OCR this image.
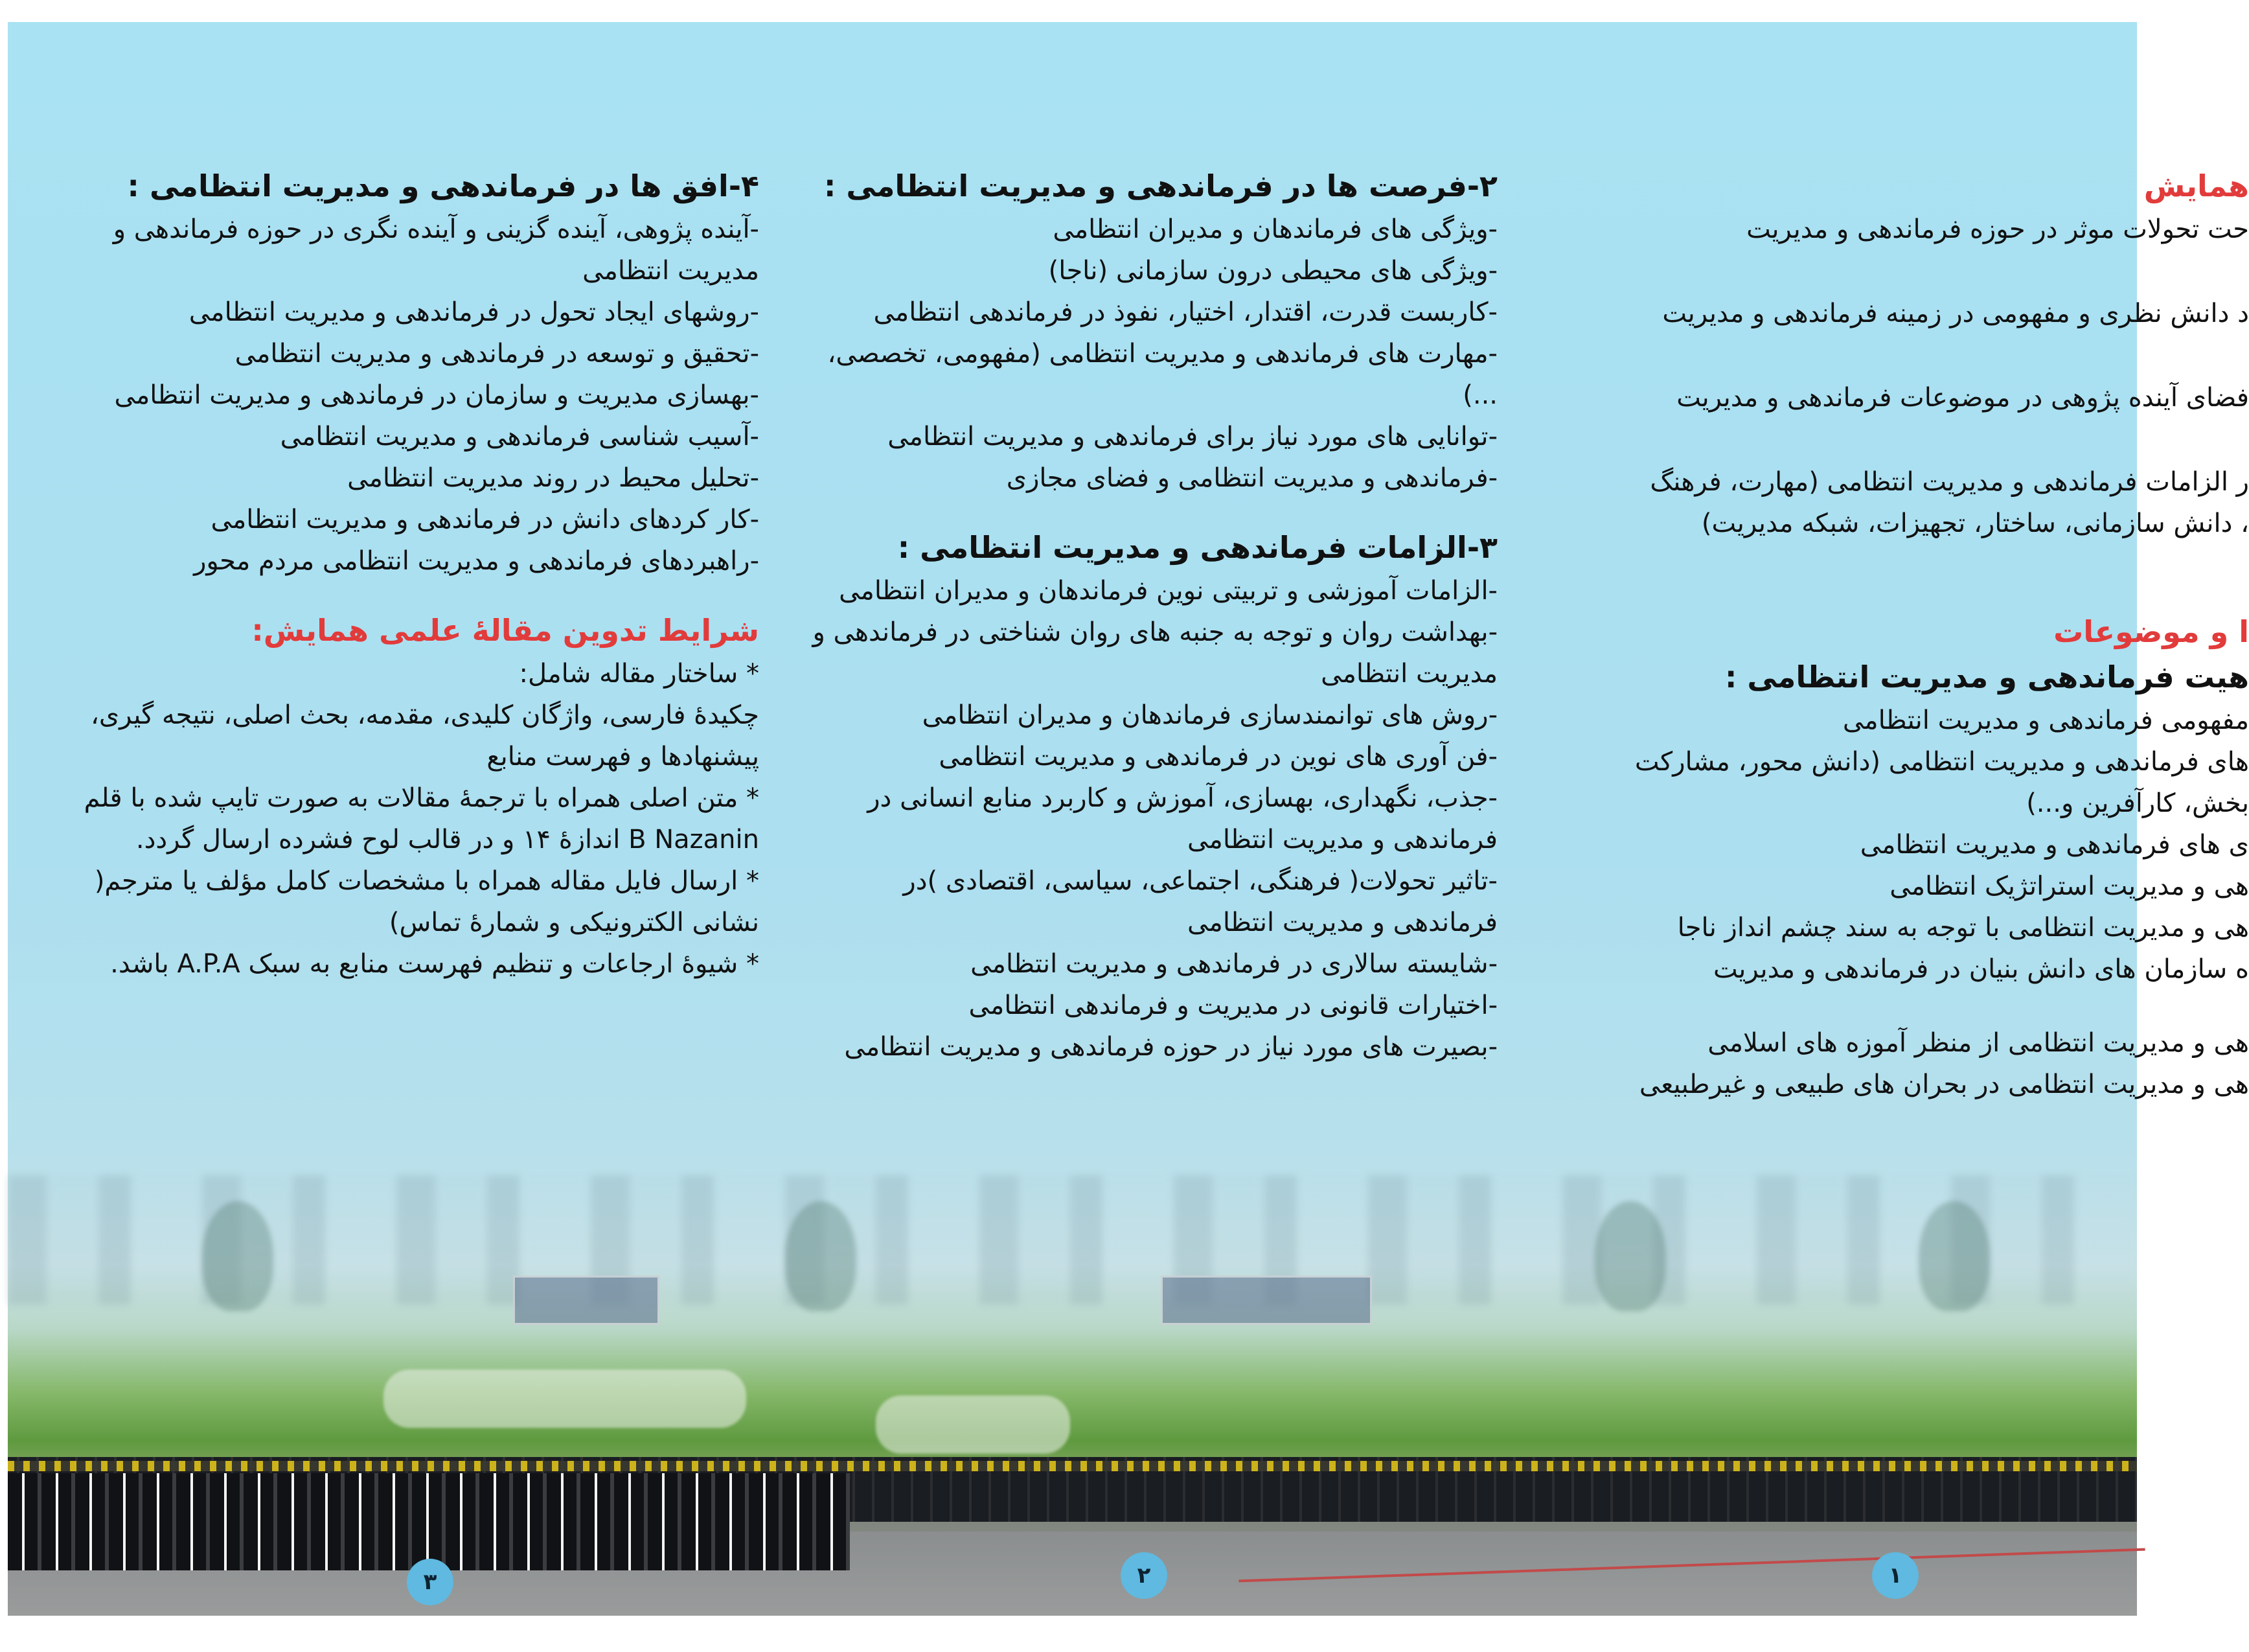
۴-افق ها در فرماندهی و مدیریت انتظامی :
-آینده پژوهی، آینده گزینی و آینده نگری در حوزه فرماندهی و مدیریت انتظامی
-روشهای ایجاد تحول در فرماندهی و مدیریت انتظامی
-تحقیق و توسعه در فرماندهی و مدیریت انتظامی
-بهسازی مدیریت و سازمان در فرماندهی و مدیریت انتظامی
-آسیب شناسی فرماندهی و مدیریت انتظامی
-تحلیل محیط در روند مدیریت انتظامی
-کار کردهای دانش در فرماندهی و مدیریت انتظامی
-راهبردهای فرماندهی و مدیریت انتظامی مردم محور
شرایط تدوین مقالهٔ علمی همایش:
* ساختار مقاله شامل:
چکیدهٔ فارسی، واژگان کلیدی، مقدمه، بحث اصلی، نتیجه گیری، پیشنهادها و فهرست منابع
* متن اصلی همراه با ترجمهٔ مقالات به صورت تایپ شده با قلم B Nazanin اندازهٔ ۱۴ و در قالب لوح فشرده ارسال گردد.
* ارسال فایل مقاله همراه با مشخصات کامل مؤلف یا مترجم( نشانی الکترونیکی و شمارهٔ تماس)
* شیوهٔ ارجاعات و تنظیم فهرست منابع به سبک A.P.A باشد.
۲-فرصت ها در فرماندهی و مدیریت انتظامی :
-ویژگی های فرماندهان و مدیران انتظامی
-ویژگی های محیطی درون سازمانی (ناجا)
-کاربست قدرت، اقتدار، اختیار، نفوذ در فرماندهی انتظامی
-مهارت های فرماندهی و مدیریت انتظامی (مفهومی، تخصصی، ...)
-توانایی های مورد نیاز برای فرماندهی و مدیریت انتظامی
-فرماندهی و مدیریت انتظامی و فضای مجازی
۳-الزامات فرماندهی و مدیریت انتظامی :
-الزامات آموزشی و تربیتی نوین فرماندهان و مدیران انتظامی
-بهداشت روان و توجه به جنبه های روان شناختی در فرماندهی و مدیریت انتظامی
-روش های توانمندسازی فرماندهان و مدیران انتظامی
-فن آوری های نوین در فرماندهی و مدیریت انتظامی
-جذب، نگهداری، بهسازی، آموزش و کاربرد منابع انسانی در فرماندهی و مدیریت انتظامی
-تاثیر تحولات( فرهنگی، اجتماعی، سیاسی، اقتصادی )در فرماندهی و مدیریت انتظامی
-شایسته سالاری در فرماندهی و مدیریت انتظامی
-اختیارات قانونی در مدیریت و فرماندهی انتظامی
-بصیرت های مورد نیاز در حوزه فرماندهی و مدیریت انتظامی
همایش
حت تحولات موثر در حوزه فرماندهی و مدیریت
د دانش نظری و مفهومی در زمینه فرماندهی و مدیریت
فضای آینده پژوهی در موضوعات فرماندهی و مدیریت
ر الزامات فرماندهی و مدیریت انتظامی (مهارت، فرهنگ
، دانش سازمانی، ساختار، تجهیزات، شبکه مدیریت)
ا و موضوعات
هیت فرماندهی و مدیریت انتظامی :
مفهومی فرماندهی و مدیریت انتظامی
های فرماندهی و مدیریت انتظامی (دانش محور، مشارکت
بخش، کارآفرین و...)
ی های فرماندهی و مدیریت انتظامی
هی و مدیریت استراتژیک انتظامی
هی و مدیریت انتظامی با توجه به سند چشم انداز ناجا
ه سازمان های دانش بنیان در فرماندهی و مدیریت
هی و مدیریت انتظامی از منظر آموزه های اسلامی
هی و مدیریت انتظامی در بحران های طبیعی و غیرطبیعی
۳	۲	۱
